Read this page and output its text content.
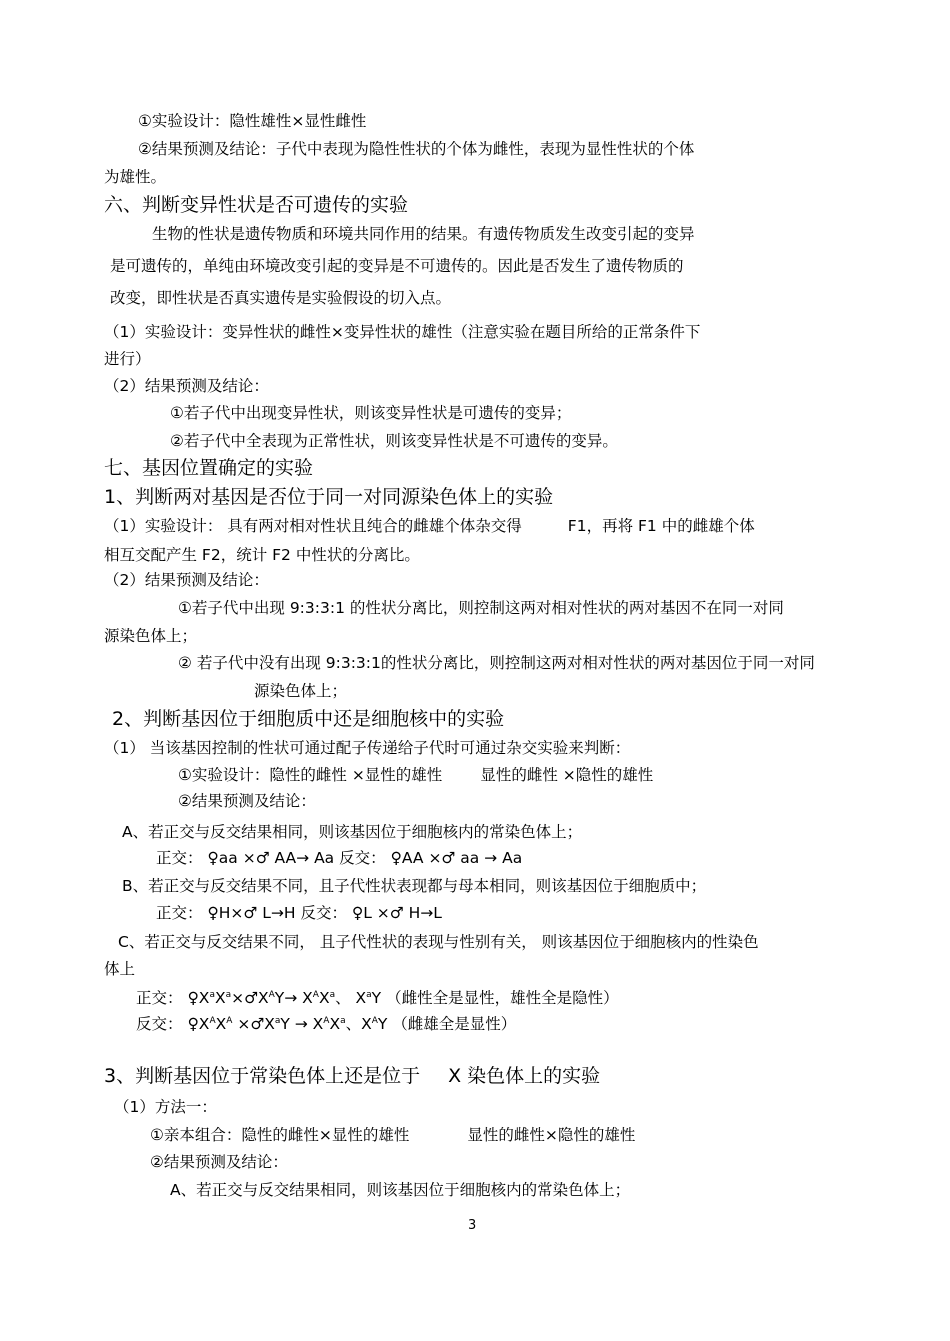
①实验设计：隐性雄性×显性雌性
②结果预测及结论：子代中表现为隐性性状的个体为雌性，表现为显性性状的个体
为雄性。
六、判断变异性状是否可遗传的实验
生物的性状是遗传物质和环境共同作用的结果。有遗传物质发生改变引起的变异
是可遗传的，单纯由环境改变引起的变异是不可遗传的。因此是否发生了遗传物质的
改变，即性状是否真实遗传是实验假设的切入点。
（1）实验设计：变异性状的雌性×变异性状的雄性（注意实验在题目所给的正常条件下
进行）
（2）结果预测及结论：
①若子代中出现变异性状，则该变异性状是可遗传的变异；
②若子代中全表现为正常性状，则该变异性状是不可遗传的变异。
七、基因位置确定的实验
1、判断两对基因是否位于同一对同源染色体上的实验
（1）实验设计： 具有两对相对性状且纯合的雌雄个体杂交得	F1，再将 F1 中的雌雄个体
相互交配产生 F2，统计 F2 中性状的分离比。
（2）结果预测及结论：
①若子代中出现 9:3:3:1 的性状分离比，则控制这两对相对性状的两对基因不在同一对同
源染色体上；
② 若子代中没有出现 9:3:3:1的性状分离比，则控制这两对相对性状的两对基因位于同一对同
源染色体上；
2、判断基因位于细胞质中还是细胞核中的实验
（1） 当该基因控制的性状可通过配子传递给子代时可通过杂交实验来判断：
①实验设计：隐性的雌性 ×显性的雄性 显性的雌性 ×隐性的雄性
②结果预测及结论：
A、若正交与反交结果相同，则该基因位于细胞核内的常染色体上；
正交： ♀aa ×♂ AA→ Aa 反交： ♀AA ×♂ aa → Aa
B、若正交与反交结果不同，且子代性状表现都与母本相同，则该基因位于细胞质中；
正交： ♀H×♂ L→H 反交： ♀L ×♂ H→L
C、若正交与反交结果不同， 且子代性状的表现与性别有关， 则该基因位于细胞核内的性染色
体上
正交： $♀X^aX^a\times♂X^AY\to X^AX^a$、 $X^aY$ （雌性全是显性，雄性全是隐性）
反交： $♀X^AX^A$ $\times♂X^aY \to X^AX^a$、$X^AY$ （雌雄全是显性）
3、判断基因位于常染色体上还是位于 X 染色体上的实验
（1）方法一：
①亲本组合：隐性的雌性×显性的雄性	显性的雌性×隐性的雄性
②结果预测及结论：
A、若正交与反交结果相同，则该基因位于细胞核内的常染色体上；
3
